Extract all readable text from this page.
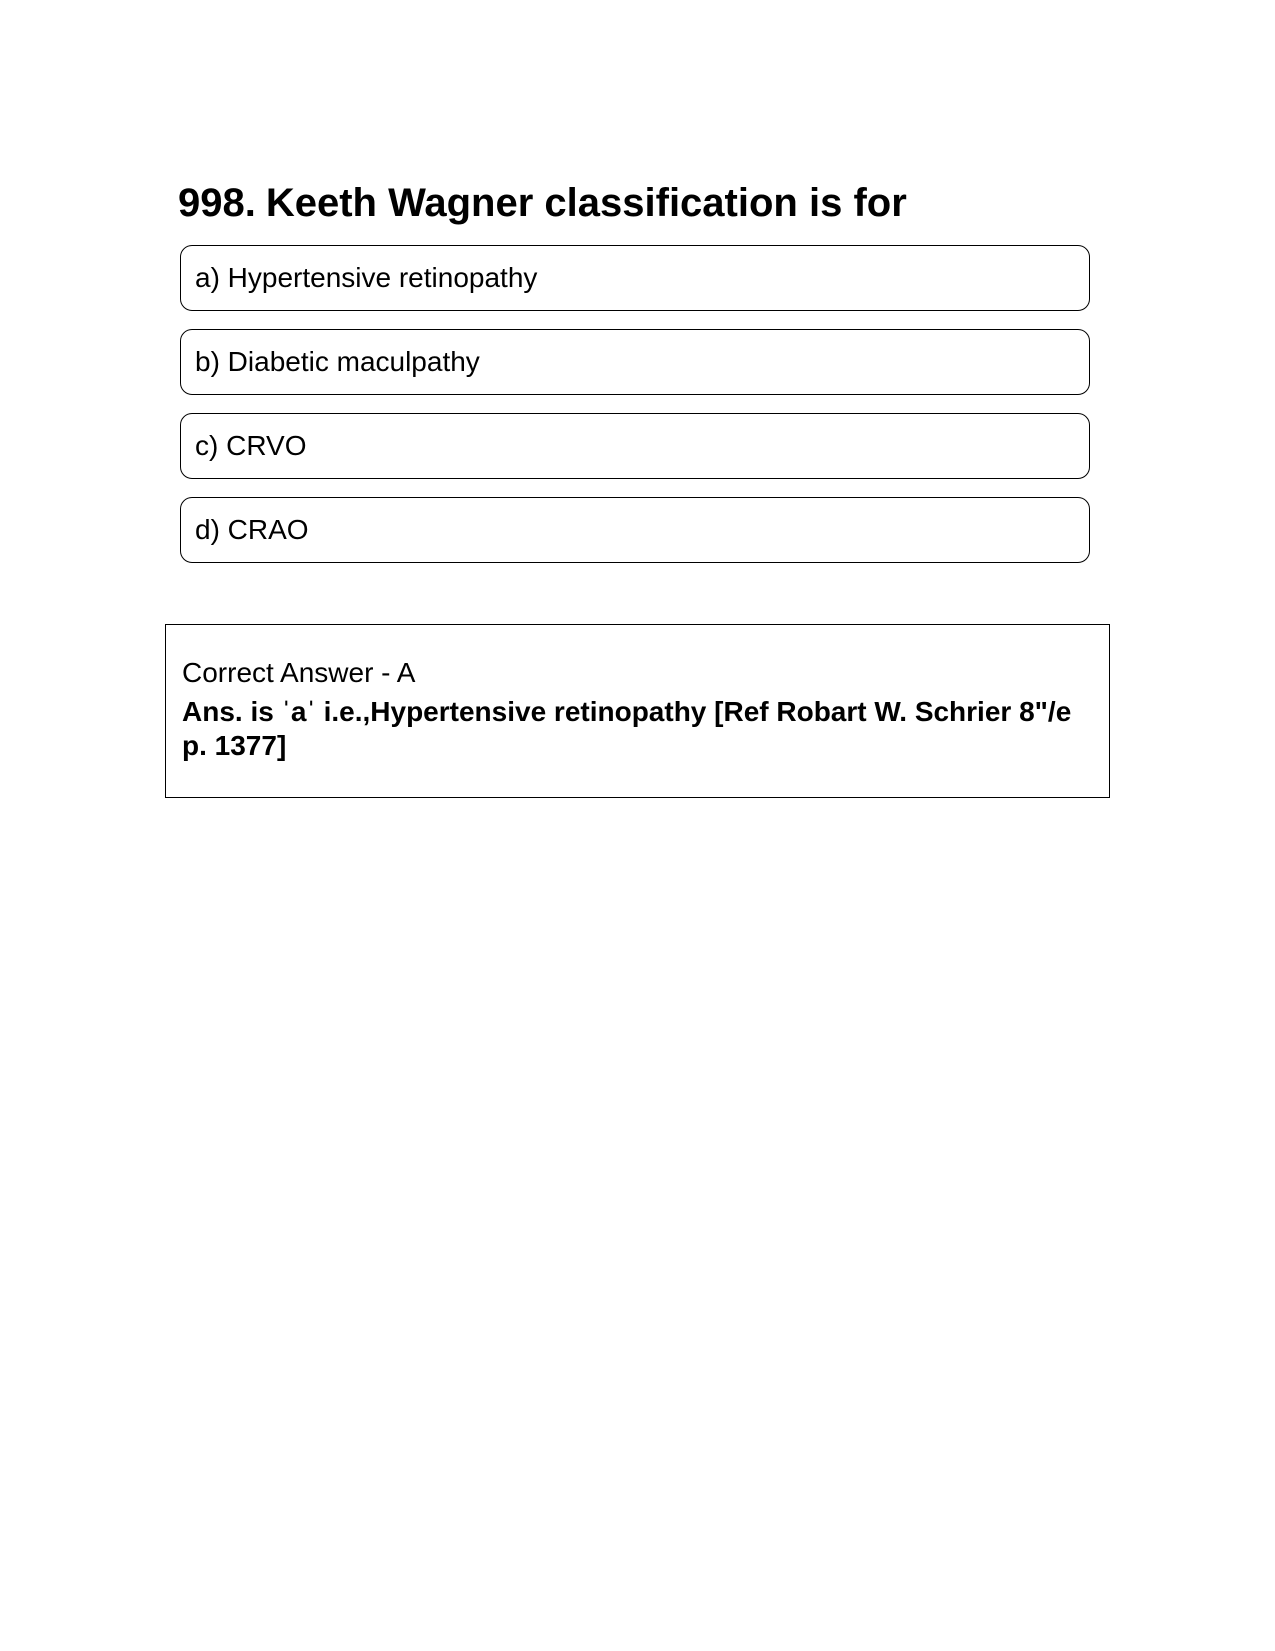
998. Keeth Wagner classification is for
a) Hypertensive retinopathy
b) Diabetic maculpathy
c) CRVO
d) CRAO
Correct Answer - A
Ans. is ˈaˈ i.e.,Hypertensive retinopathy [Ref Robart W. Schrier 8"/e p. 1377]
